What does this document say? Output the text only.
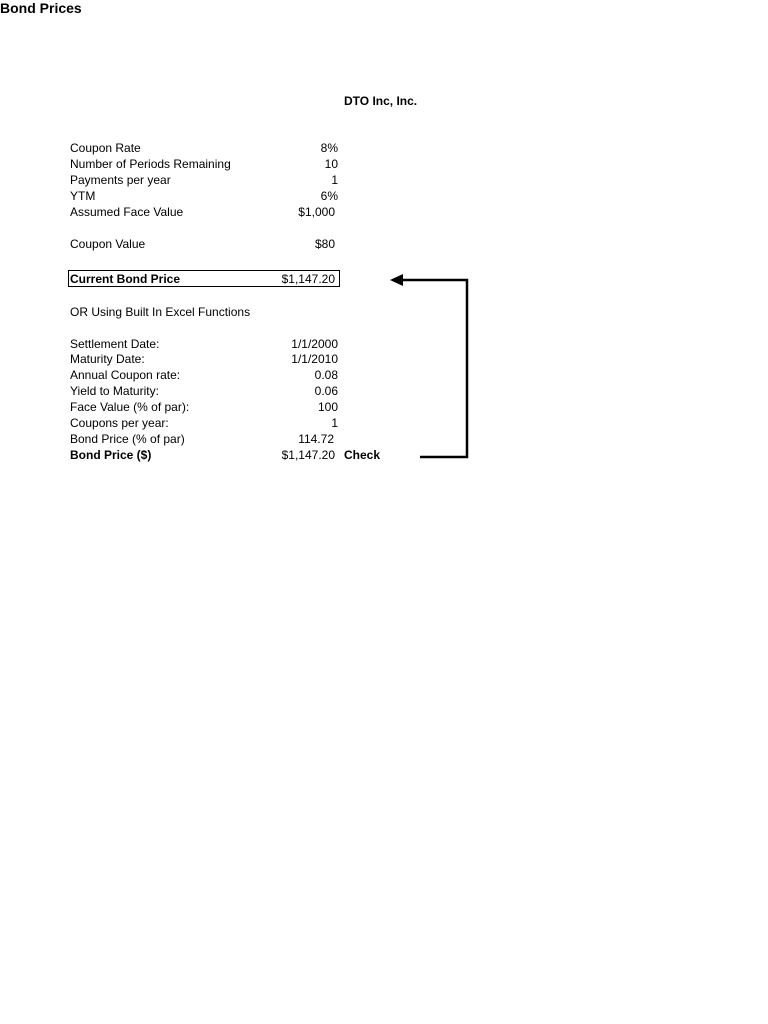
Bond Prices
DTO Inc, Inc.
Coupon Rate	8%
Number of Periods Remaining	10
Payments per year	1
YTM	6%
Assumed Face Value	$1,000
Coupon Value	$80
Current Bond Price	$1,147.20
OR Using Built In Excel Functions
Settlement Date:	1/1/2000
Maturity Date:	1/1/2010
Annual Coupon rate:	0.08
Yield to Maturity:	0.06
Face Value (% of par):	100
Coupons per year:	1
Bond Price (% of par)	114.72
Bond Price ($)	$1,147.20 Check
